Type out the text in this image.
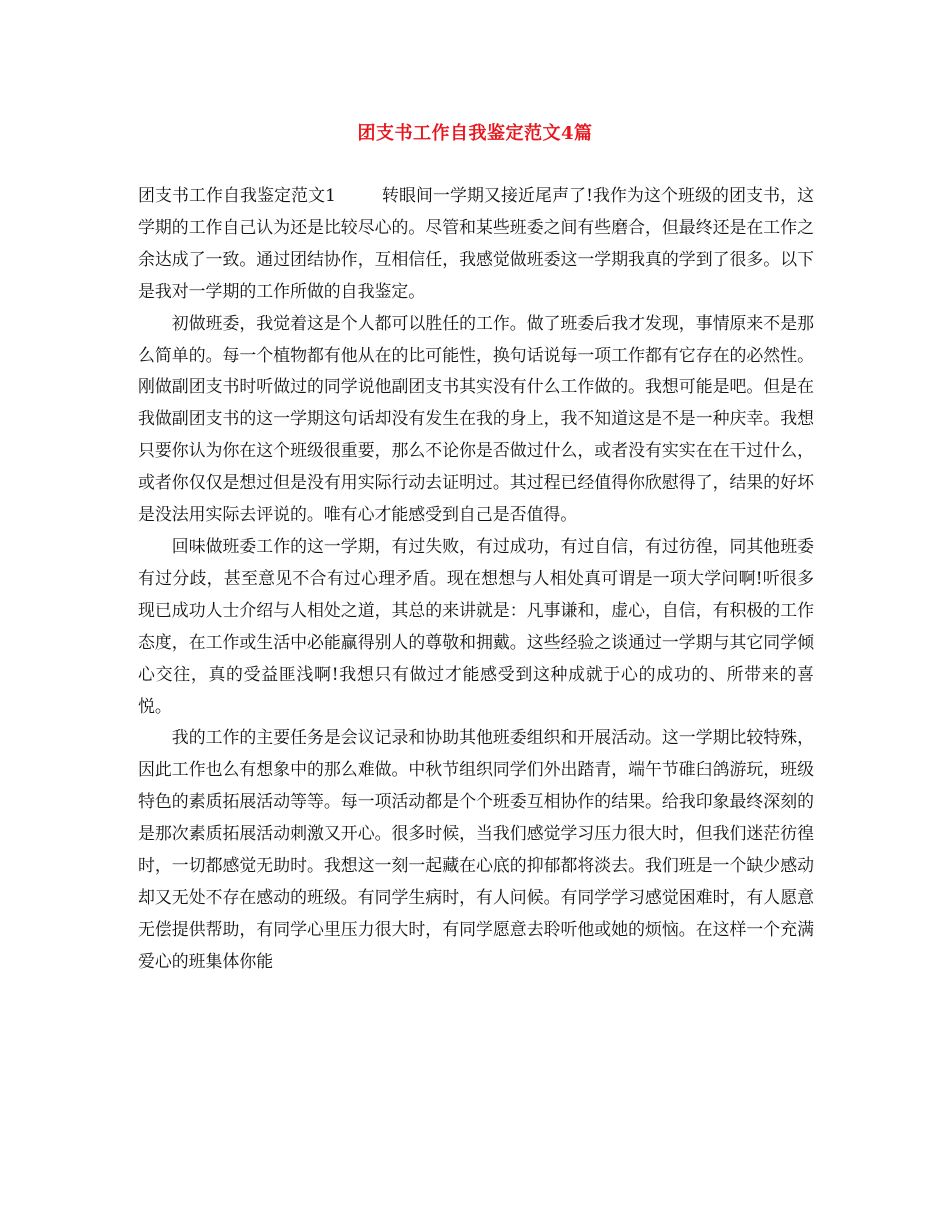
团支书工作自我鉴定范文4篇

团支书工作自我鉴定范文1	转眼间一学期又接近尾声了!我作为这个班级的团支书，这学期的工作自己认为还是比较尽心的。尽管和某些班委之间有些磨合，但最终还是在工作之余达成了一致。通过团结协作，互相信任，我感觉做班委这一学期我真的学到了很多。以下是我对一学期的工作所做的自我鉴定。

初做班委，我觉着这是个人都可以胜任的工作。做了班委后我才发现，事情原来不是那么简单的。每一个植物都有他从在的比可能性，换句话说每一项工作都有它存在的必然性。刚做副团支书时听做过的同学说他副团支书其实没有什么工作做的。我想可能是吧。但是在我做副团支书的这一学期这句话却没有发生在我的身上，我不知道这是不是一种庆幸。我想只要你认为你在这个班级很重要，那么不论你是否做过什么，或者没有实实在在干过什么，或者你仅仅是想过但是没有用实际行动去证明过。其过程已经值得你欣慰得了，结果的好坏是没法用实际去评说的。唯有心才能感受到自己是否值得。

回味做班委工作的这一学期，有过失败，有过成功，有过自信，有过彷徨，同其他班委有过分歧，甚至意见不合有过心理矛盾。现在想想与人相处真可谓是一项大学问啊!听很多现已成功人士介绍与人相处之道，其总的来讲就是：凡事谦和，虚心，自信，有积极的工作态度，在工作或生活中必能赢得别人的尊敬和拥戴。这些经验之谈通过一学期与其它同学倾心交往，真的受益匪浅啊!我想只有做过才能感受到这种成就于心的成功的、所带来的喜悦。

我的工作的主要任务是会议记录和协助其他班委组织和开展活动。这一学期比较特殊，因此工作也么有想象中的那么难做。中秋节组织同学们外出踏青，端午节碓臼鸽游玩，班级特色的素质拓展活动等等。每一项活动都是个个班委互相协作的结果。给我印象最终深刻的是那次素质拓展活动刺激又开心。很多时候，当我们感觉学习压力很大时，但我们迷茫彷徨时，一切都感觉无助时。我想这一刻一起藏在心底的抑郁都将淡去。我们班是一个缺少感动却又无处不存在感动的班级。有同学生病时，有人问候。有同学学习感觉困难时，有人愿意无偿提供帮助，有同学心里压力很大时，有同学愿意去聆听他或她的烦恼。在这样一个充满爱心的班集体你能
